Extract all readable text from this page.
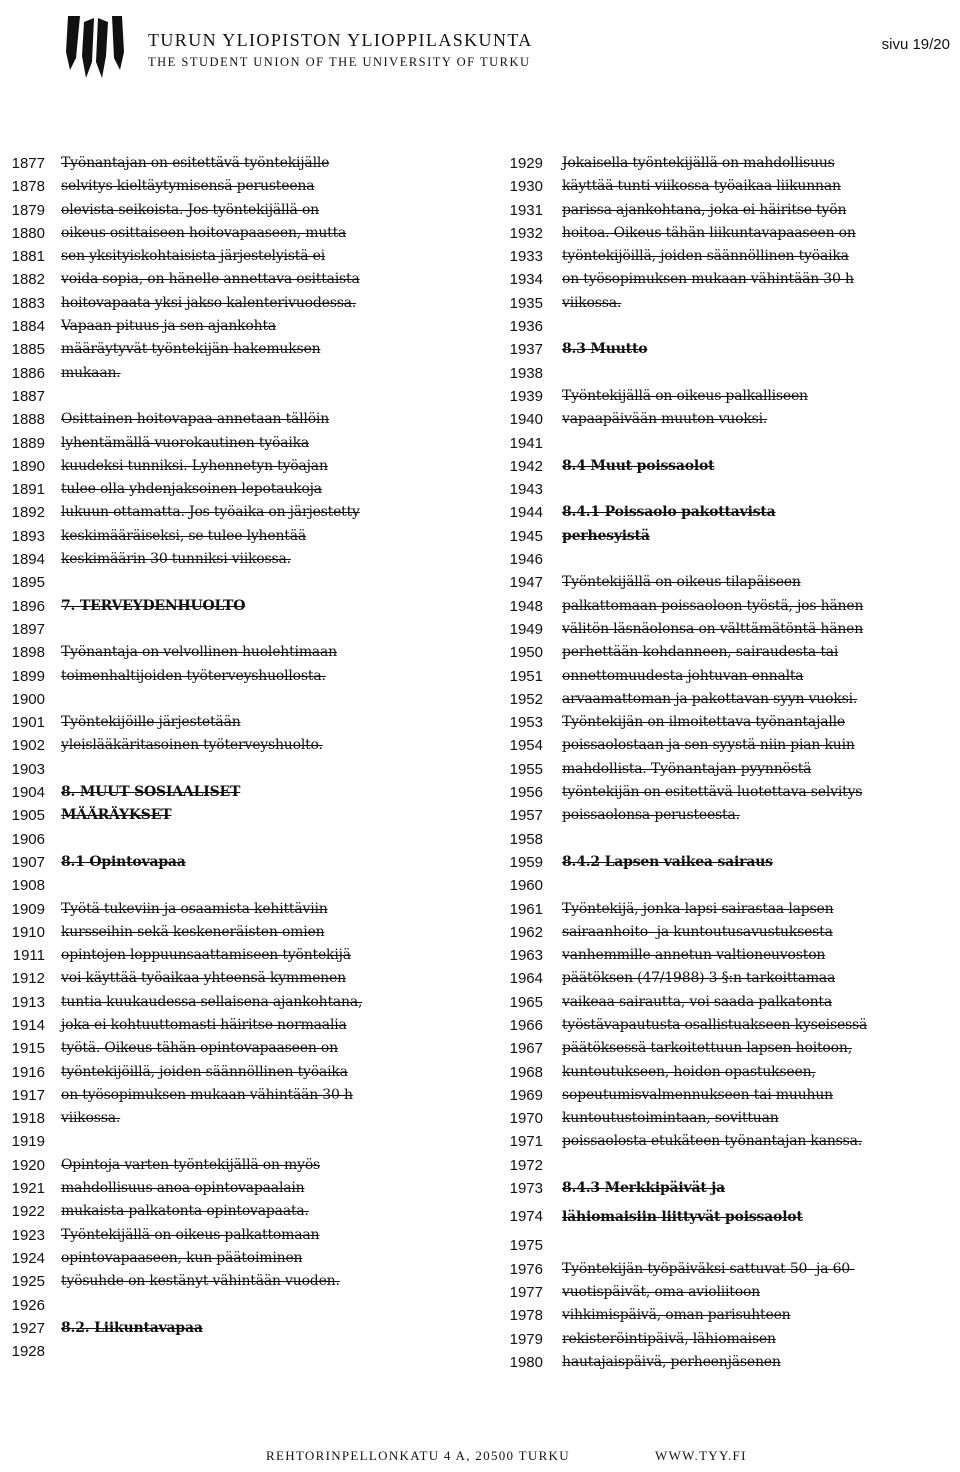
TURUN YLIOPISTON YLIOPPILASKUNTA
THE STUDENT UNION OF THE UNIVERSITY OF TURKU
sivu 19/20
1877 Työnantajan on esitettävä työntekijälle
1878 selvitys kieltäytymisensä perusteena
1879 olevista seikoista. Jos työntekijällä on
1880 oikeus osittaiseen hoitovapaaseen, mutta
1881 sen yksityiskohtaisista järjestelyistä ei
1882 voida sopia, on hänelle annettava osittaista
1883 hoitovapaata yksi jakso kalenterivuodessa.
1884 Vapaan pituus ja sen ajankohta
1885 määräytyvät työntekijän hakemuksen
1886 mukaan.
1887
1888 Osittainen hoitovapaa annetaan tällöin
1889 lyhentämällä vuorokautinen työaika
1890 kuudeksi tunniksi. Lyhennetyn työajan
1891 tulee olla yhdenjaksoinen lepotaukoja
1892 lukuun ottamatta. Jos työaika on järjestetty
1893 keskimääräiseksi, se tulee lyhentää
1894 keskimäärin 30 tunniksi viikossa.
1895
1896 7. TERVEYDENHUOLTO
1897
1898 Työnantaja on velvollinen huolehtimaan
1899 toimenhaltijoiden työterveyshuollosta.
1900
1901 Työntekijöille järjestetään
1902 yleislääkäritasoinen työterveyshuolto.
1903
1904 8. MUUT SOSIAALISET
1905 MÄÄRÄYKSET
1906
1907 8.1 Opintovapaa
1908
1909 Työtä tukeviin ja osaamista kehittäviin
1910 kursseihin sekä keskeneräisten omien
1911 opintojen loppuunsaattamiseen työntekijä
1912 voi käyttää työaikaa yhteensä kymmenen
1913 tuntia kuukaudessa sellaisena ajankohtana,
1914 joka ei kohtuuttomasti häiritse normaalia
1915 työtä. Oikeus tähän opintovapaaseen on
1916 työntekijöillä, joiden säännöllinen työaika
1917 on työsopimuksen mukaan vähintään 30 h
1918 viikossa.
1919
1920 Opintoja varten työntekijällä on myös
1921 mahdollisuus anoa opintovapaalain
1922 mukaista palkatonta opintovapaata.
1923 Työntekijällä on oikeus palkattomaan
1924 opintovapaaseen, kun päätoiminen
1925 työsuhde on kestänyt vähintään vuoden.
1926
1927 8.2. Liikuntavapaa
1928
1929 Jokaisella työntekijällä on mahdollisuus
1930 käyttää tunti viikossa työaikaa liikunnan
1931 parissa ajankohtana, joka ei häiritse työn
1932 hoitoa. Oikeus tähän liikuntavapaaseen on
1933 työntekijöillä, joiden säännöllinen työaika
1934 on työsopimuksen mukaan vähintään 30 h
1935 viikossa.
1936
1937 8.3 Muutto
1938
1939 Työntekijällä on oikeus palkalliseen
1940 vapaapäivään muuton vuoksi.
1941
1942 8.4 Muut poissaolot
1943
1944 8.4.1 Poissaolo pakottavista
1945 perhesyistä
1946
1947 Työntekijällä on oikeus tilapäiseen
1948 palkattomaan poissaoloon työstä, jos hänen
1949 välitön läsnäolonsa on välttämätöntä hänen
1950 perhettään kohdanneen, sairaudesta tai
1951 onnettomuudesta johtuvan ennalta
1952 arvaamattoman ja pakottavan syyn vuoksi.
1953 Työntekijän on ilmoitettava työnantajalle
1954 poissaolostaan ja sen syystä niin pian kuin
1955 mahdollista. Työnantajan pyynnöstä
1956 työntekijän on esitettävä luotettava selvitys
1957 poissaolonsa perusteesta.
1958
1959 8.4.2 Lapsen vaikea sairaus
1960
1961 Työntekijä, jonka lapsi sairastaa lapsen
1962 sairaanhoito- ja kuntoutusavustuksesta
1963 vanhemmille annetun valtioneuvoston
1964 päätöksen (47/1988) 3 §:n tarkoittamaa
1965 vaikeaa sairautta, voi saada palkatonta
1966 työstävapautusta osallistuakseen kyseisessä
1967 päätöksessä tarkoitettuun lapsen hoitoon,
1968 kuntoutukseen, hoidon opastukseen,
1969 sopeutumisvalmennukseen tai muuhun
1970 kuntoutustoimintaan, sovittuan
1971 poissaolosta etukäteen työnantajan kanssa.
1972
1973 8.4.3 Merkkipäivät ja
1974 lähiomaisiin liittyvät poissaolot
1975
1976 Työntekijän työpäiväksi sattuvat 50- ja 60-
1977 vuotispäivät, oma avioliitoon
1978 vihkimispäivä, oman parisuhteen
1979 rekisteröintipäivä, lähiomaisen
1980 hautajaispäivä, perheenjäsenen
REHTORINPELLONKATU 4 A, 20500 TURKU	WWW.TYY.FI
